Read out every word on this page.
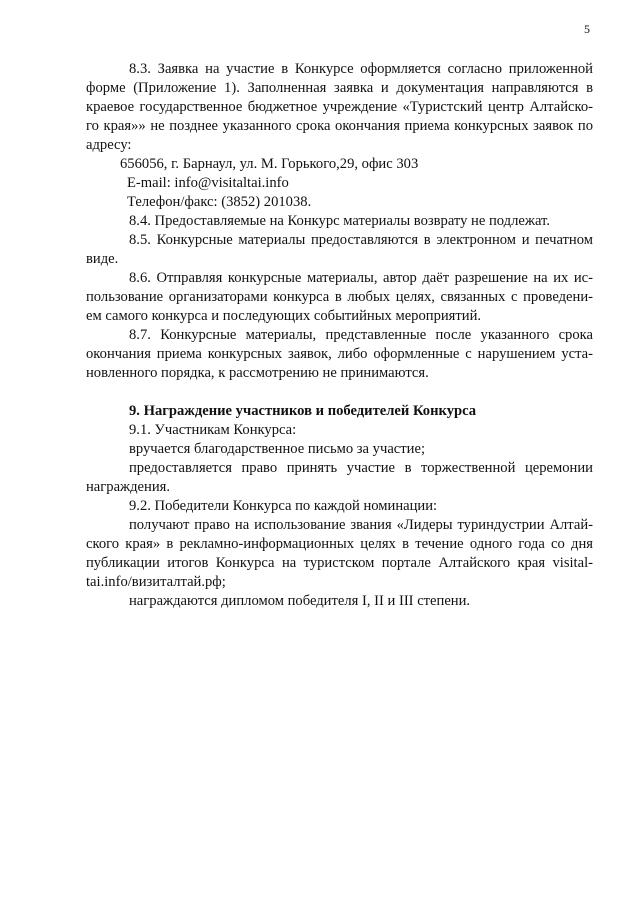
5
8.3. Заявка на участие в Конкурсе оформляется согласно приложенной
форме (Приложение 1). Заполненная заявка и документация направляются в
краевое государственное бюджетное учреждение «Туристский центр Алтайско-
го края»» не позднее указанного срока окончания приема конкурсных заявок по
адресу:
656056, г. Барнаул, ул. М. Горького,29, офис 303
E-mail: info@visitaltai.info
Телефон/факс: (3852) 201038.
8.4. Предоставляемые на Конкурс материалы возврату не подлежат.
8.5. Конкурсные материалы предоставляются в электронном и печатном
виде.
8.6. Отправляя конкурсные материалы, автор даёт разрешение на их ис-
пользование организаторами конкурса в любых целях, связанных с проведени-
ем самого конкурса и последующих событийных мероприятий.
8.7. Конкурсные материалы, представленные после указанного срока
окончания приема конкурсных заявок, либо оформленные с нарушением уста-
новленного порядка, к рассмотрению не принимаются.
9. Награждение участников и победителей Конкурса
9.1. Участникам Конкурса:
вручается благодарственное письмо за участие;
предоставляется право принять участие в торжественной церемонии
награждения.
9.2. Победители Конкурса по каждой номинации:
получают право на использование звания «Лидеры туриндустрии Алтай-
ского края» в рекламно-информационных целях в течение одного года со дня
публикации итогов Конкурса на туристском портале Алтайского края visital-
tai.info/визиталтай.рф;
награждаются дипломом победителя I, II и III степени.
